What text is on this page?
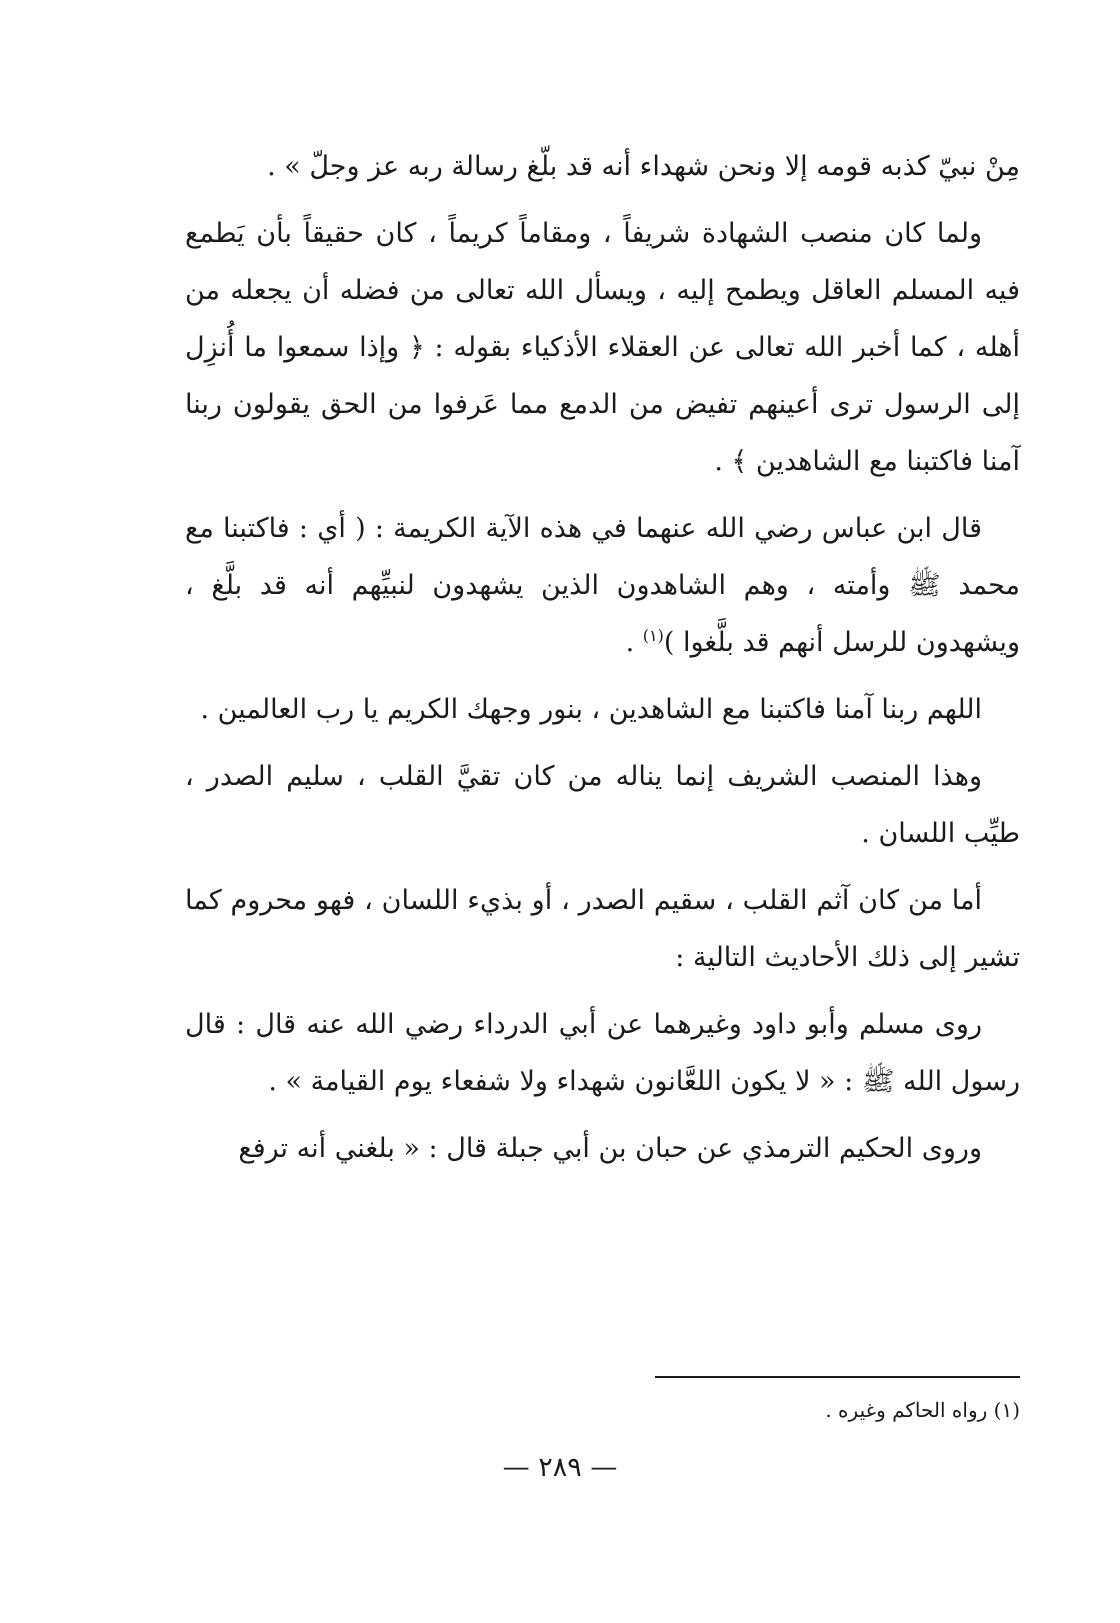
مِنْ نبيّ كذبه قومه إلا ونحن شهداء أنه قد بلّغ رسالة ربه عز وجلّ » .

ولما كان منصب الشهادة شريفاً ، ومقاماً كريماً ، كان حقيقاً بأن يَطمع فيه المسلم العاقل ويطمح إليه ، ويسأل الله تعالى من فضله أن يجعله من أهله ، كما أخبر الله تعالى عن العقلاء الأذكياء بقوله : ﴿ وإذا سمعوا ما أُنزِل إلى الرسول ترى أعينهم تفيض من الدمع مما عَرفوا من الحق يقولون ربنا آمنا فاكتبنا مع الشاهدين ﴾ .

قال ابن عباس رضي الله عنهما في هذه الآية الكريمة : ( أي : فاكتبنا مع محمد ﷺ وأمته ، وهم الشاهدون الذين يشهدون لنبيِّهم أنه قد بلَّغ ، ويشهدون للرسل أنهم قد بلَّغوا )$^{(١)}$ .

اللهم ربنا آمنا فاكتبنا مع الشاهدين ، بنور وجهك الكريم يا رب العالمين .

وهذا المنصب الشريف إنما يناله من كان تقيَّ القلب ، سليم الصدر ، طيِّب اللسان .

أما من كان آثم القلب ، سقيم الصدر ، أو بذيء اللسان ، فهو محروم كما تشير إلى ذلك الأحاديث التالية :

روى مسلم وأبو داود وغيرهما عن أبي الدرداء رضي الله عنه قال : قال رسول الله ﷺ : « لا يكون اللعَّانون شهداء ولا شفعاء يوم القيامة » .

وروى الحكيم الترمذي عن حبان بن أبي جبلة قال : « بلغني أنه ترفع

(١) رواه الحاكم وغيره .
— ٢٨٩ —
